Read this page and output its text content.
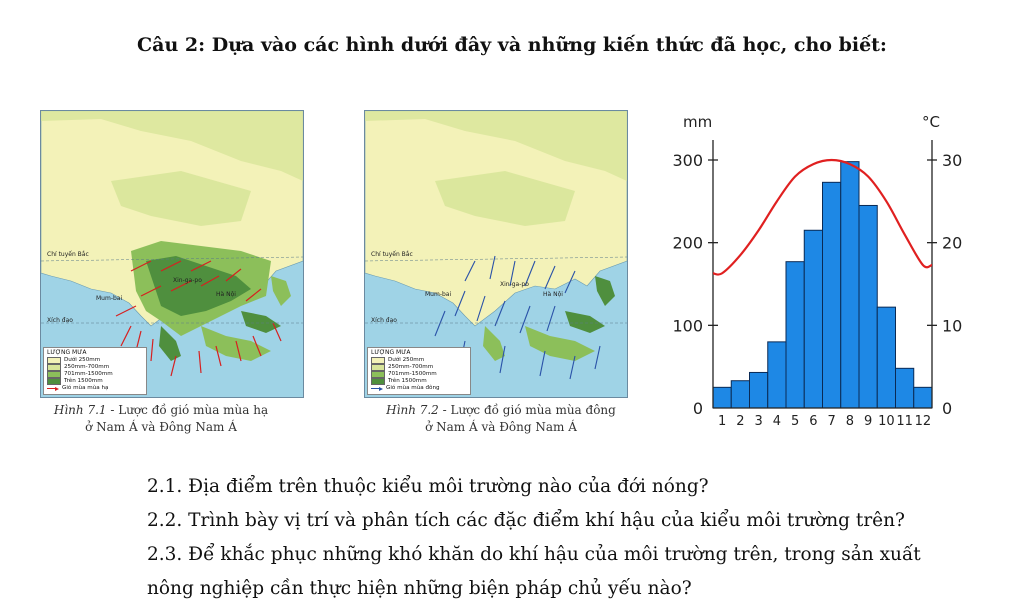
Câu 2: Dựa vào các hình dưới đây và những kiến thức đã học, cho biết:
Mum-bai
Xin-ga-po
Hà Nội
Chí tuyến Bắc
Xích đạo
LƯỢNG MƯA
Dưới 250mm
250mm-700mm
701mm-1500mm
Trên 1500mm
Gió mùa mùa hạ
Hình 7.1 - Lược đồ gió mùa mùa hạ
ở Nam Á và Đông Nam Á
Mum-bai
Xin-ga-po
Hà Nội
Chí tuyến Bắc
Xích đạo
LƯỢNG MƯA
Dưới 250mm
250mm-700mm
701mm-1500mm
Trên 1500mm
Gió mùa mùa đông
Hình 7.2 - Lược đồ gió mùa mùa đông
ở Nam Á và Đông Nam Á
0
100
200
300
0
10
20
30
1 2 3 4 5 6 7 8 9 10 11 12
mm	°C
2.1. Địa điểm trên thuộc kiểu môi trường nào của đới nóng?
2.2. Trình bày vị trí và phân tích các đặc điểm khí hậu của kiểu môi trường trên?
2.3. Để khắc phục những khó khăn do khí hậu của môi trường trên, trong sản xuất
nông nghiệp cần thực hiện những biện pháp chủ yếu nào?
